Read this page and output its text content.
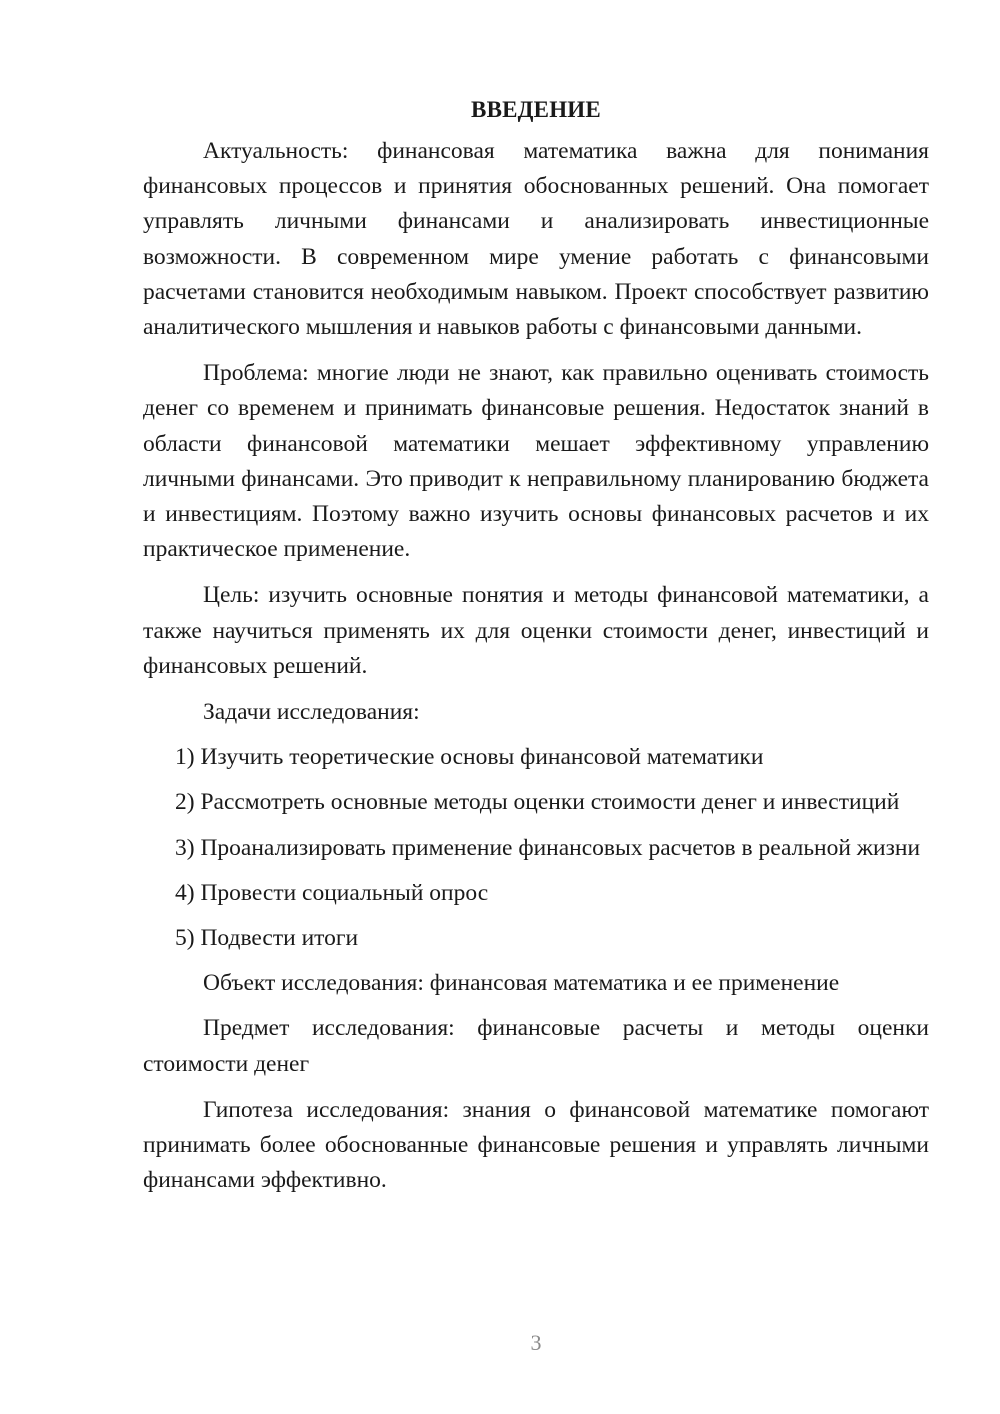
ВВЕДЕНИЕ

Актуальность: финансовая математика важна для понимания финансовых процессов и принятия обоснованных решений. Она помогает управлять личными финансами и анализировать инвестиционные возможности. В современном мире умение работать с финансовыми расчетами становится необходимым навыком. Проект способствует развитию аналитического мышления и навыков работы с финансовыми данными.

Проблема: многие люди не знают, как правильно оценивать стоимость денег со временем и принимать финансовые решения. Недостаток знаний в области финансовой математики мешает эффективному управлению личными финансами. Это приводит к неправильному планированию бюджета и инвестициям. Поэтому важно изучить основы финансовых расчетов и их практическое применение.

Цель: изучить основные понятия и методы финансовой математики, а также научиться применять их для оценки стоимости денег, инвестиций и финансовых решений.

Задачи исследования:

1) Изучить теоретические основы финансовой математики

2) Рассмотреть основные методы оценки стоимости денег и инвестиций

3) Проанализировать применение финансовых расчетов в реальной жизни

4) Провести социальный опрос

5) Подвести итоги

Объект исследования: финансовая математика и ее применение

Предмет исследования: финансовые расчеты и методы оценки стоимости денег

Гипотеза исследования: знания о финансовой математике помогают принимать более обоснованные финансовые решения и управлять личными финансами эффективно.

3
